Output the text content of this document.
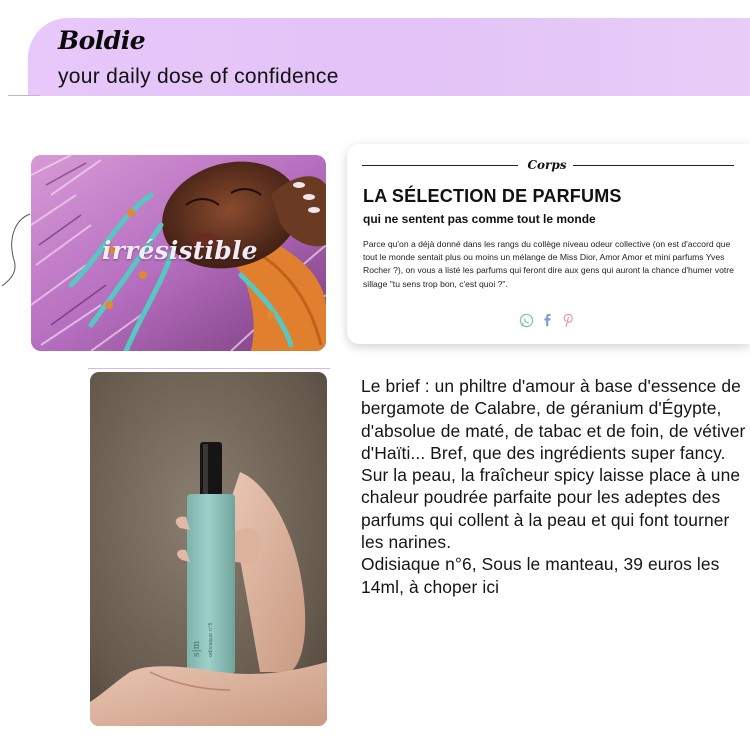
Boldie
your daily dose of confidence
irrésistible
Corps
LA SÉLECTION DE PARFUMS
qui ne sentent pas comme tout le monde
Parce qu'on a déjà donné dans les rangs du collège niveau odeur collective (on est d'accord que tout le monde sentait plus ou moins un mélange de Miss Dior, Amor Amor et mini parfums Yves Rocher ?), on vous a listé les parfums qui feront dire aux gens qui auront la chance d'humer votre sillage "tu sens trop bon, c'est quoi ?".
s|m odisiaque n°6

Le brief : un philtre d'amour à base d'essence de bergamote de Calabre, de géranium d'Égypte, d'absolue de maté, de tabac et de foin, de vétiver d'Haïti... Bref, que des ingrédients super fancy. Sur la peau, la fraîcheur spicy laisse place à une chaleur poudrée parfaite pour les adeptes des parfums qui collent à la peau et qui font tourner les narines.

Odisiaque n°6, Sous le manteau, 39 euros les 14ml, à choper ici
